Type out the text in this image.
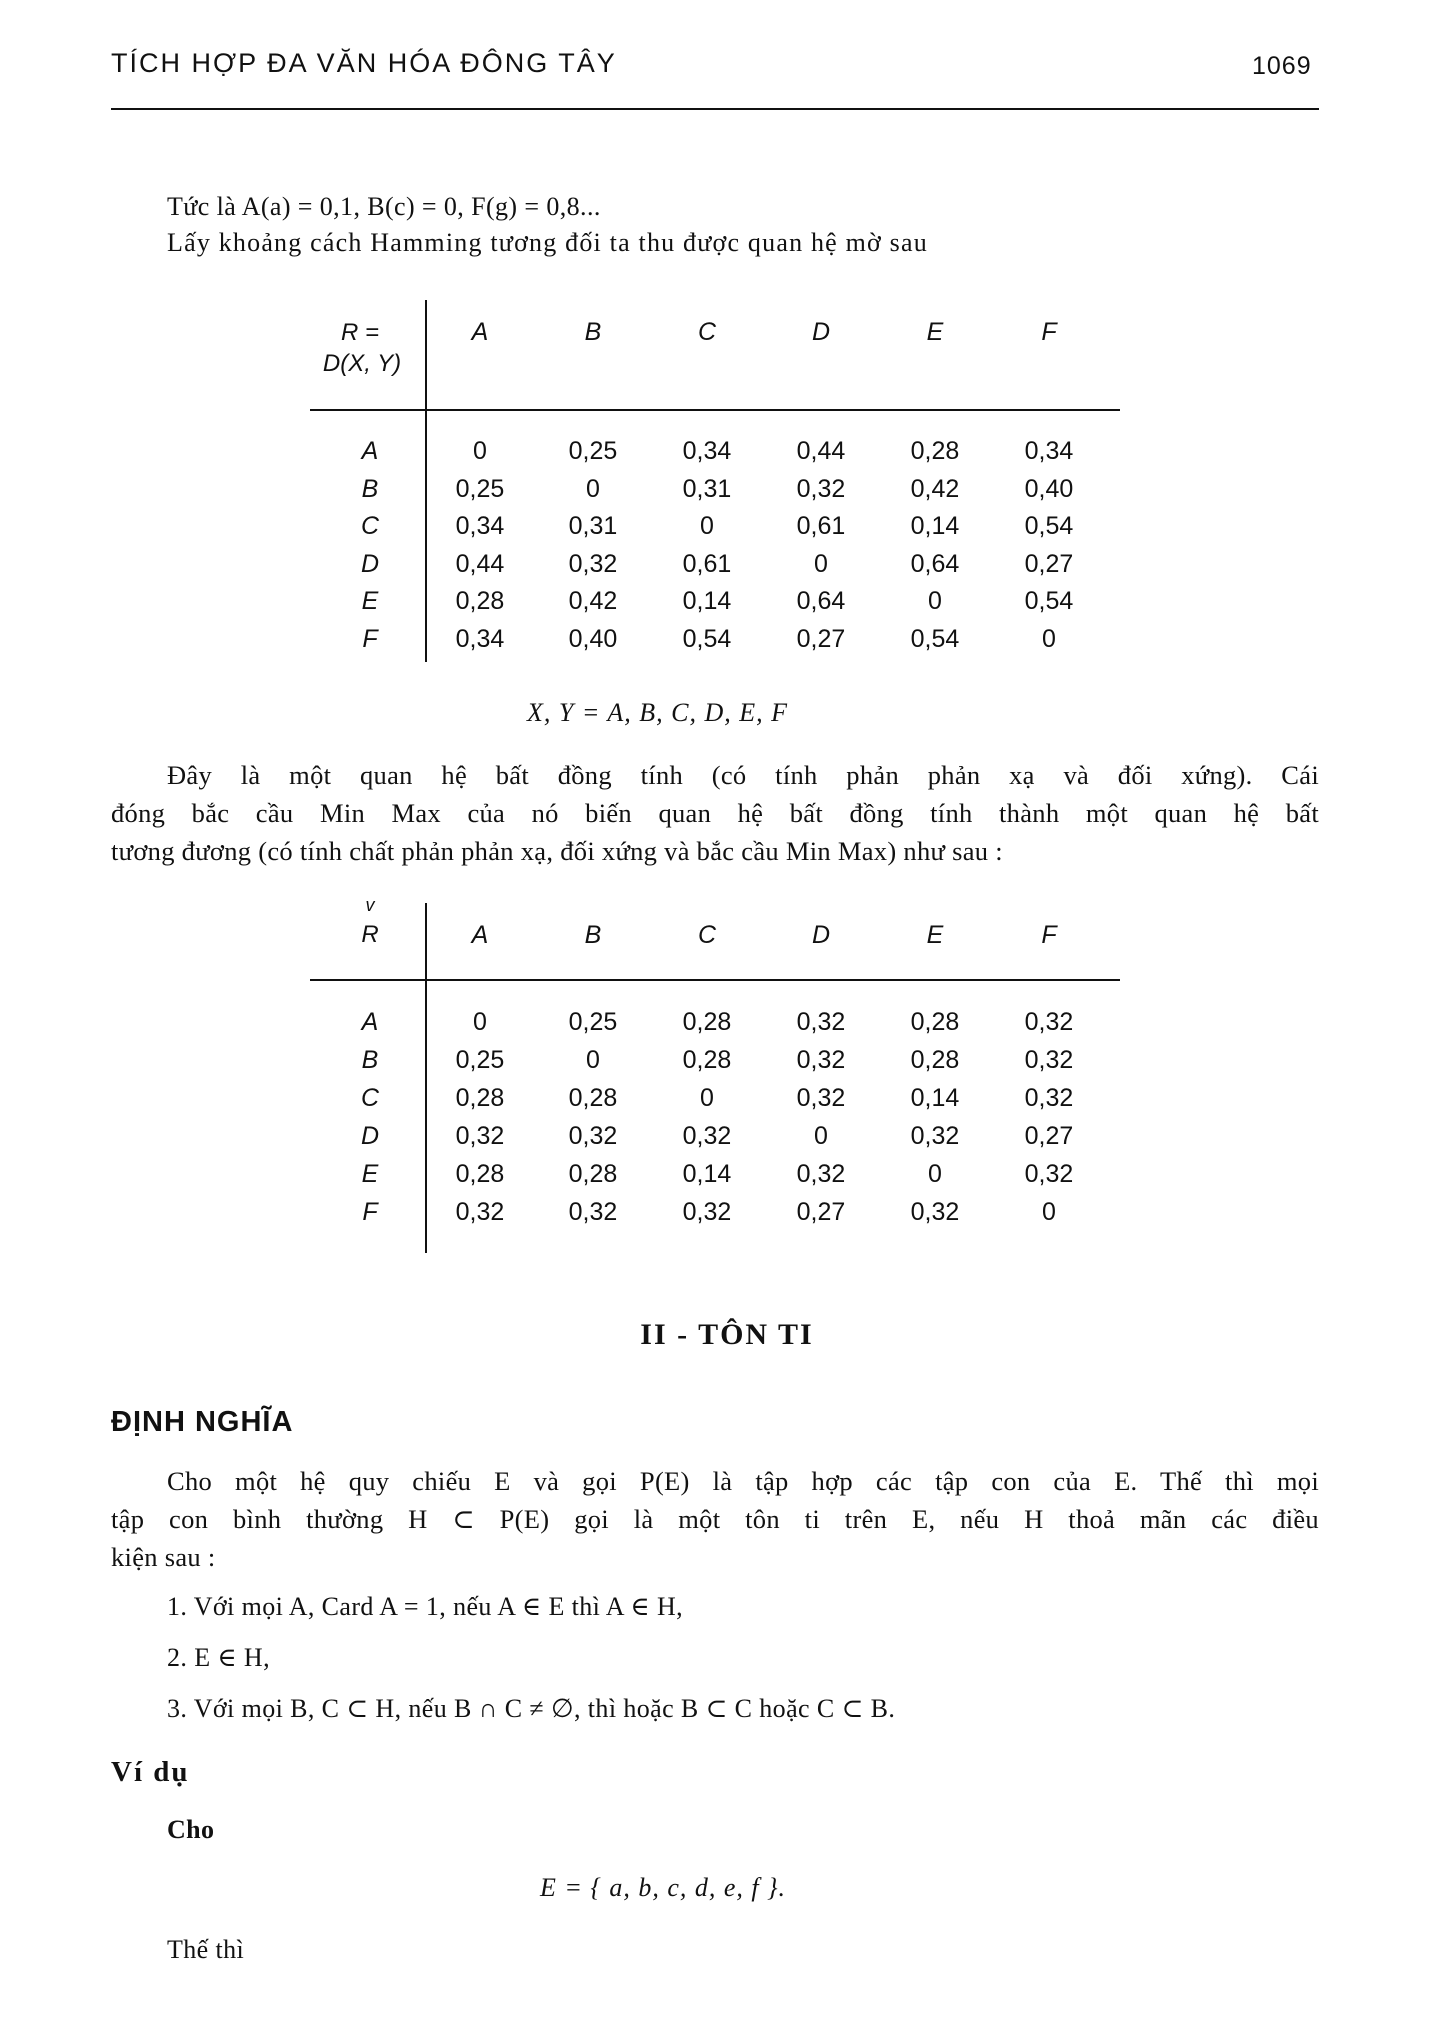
TÍCH HỢP ĐA VĂN HÓA ĐÔNG TÂY	1069
Tức là A(a) = 0,1, B(c) = 0, F(g) = 0,8...
Lấy khoảng cách Hamming tương đối ta thu được quan hệ mờ sau
R =
D(X, Y)
A	B	C	D	E	F
A	0	0,25	0,34	0,44	0,28	0,34
B	0,25	0	0,31	0,32	0,42	0,40
C	0,34	0,31	0	0,61	0,14	0,54
D	0,44	0,32	0,61	0	0,64	0,27
E	0,28	0,42	0,14	0,64	0	0,54
F	0,34	0,40	0,54	0,27	0,54	0
X, Y = A, B, C, D, E, F

Đây là một quan hệ bất đồng tính (có tính phản phản xạ và đối xứng). Cái

đóng bắc cầu Min Max của nó biến quan hệ bất đồng tính thành một quan hệ bất

tương đương (có tính chất phản phản xạ, đối xứng và bắc cầu Min Max) như sau :

v
R	A	B	C	D	E	F
A	0	0,25	0,28	0,32	0,28	0,32
B	0,25	0	0,28	0,32	0,28	0,32
C	0,28	0,28	0	0,32	0,14	0,32
D	0,32	0,32	0,32	0	0,32	0,27
E	0,28	0,28	0,14	0,32	0	0,32
F	0,32	0,32	0,32	0,27	0,32	0
II - TÔN TI
ĐỊNH NGHĨA

Cho một hệ quy chiếu E và gọi P(E) là tập hợp các tập con của E. Thế thì mọi

tập con bình thường H ⊂ P(E) gọi là một tôn ti trên E, nếu H thoả mãn các điều

kiện sau :

1. Với mọi A, Card A = 1, nếu A ∈ E thì A ∈ H,
2. E ∈ H,
3. Với mọi B, C ⊂ H, nếu B ∩ C ≠ ∅, thì hoặc B ⊂ C hoặc C ⊂ B.
Ví dụ
Cho
E = { a, b, c, d, e, f }.
Thế thì
